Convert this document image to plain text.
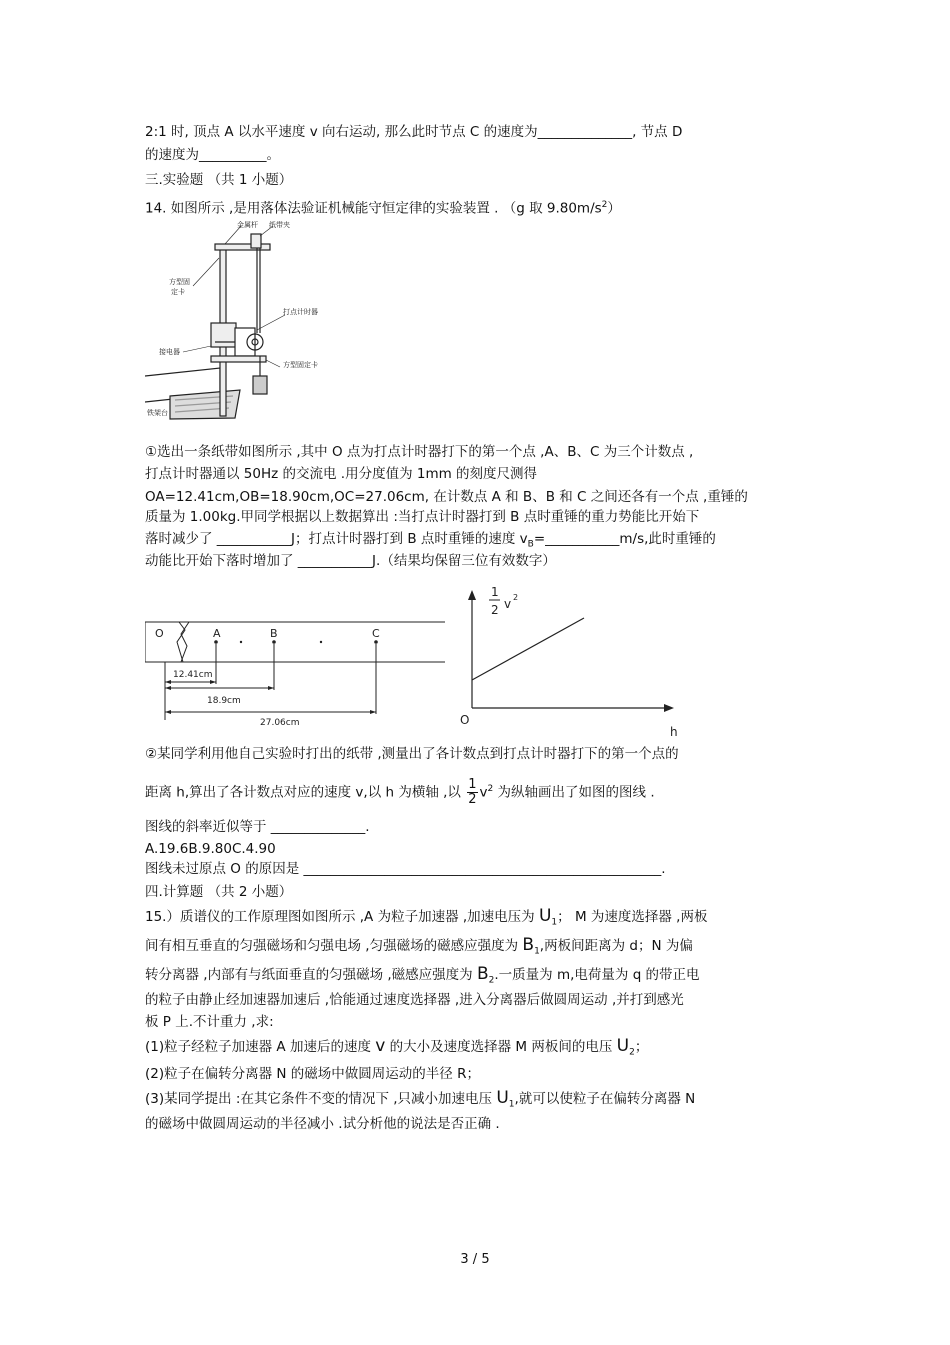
2:1 时, 顶点 A 以水平速度 v 向右运动, 那么此时节点 C 的速度为______________, 节点 D
的速度为__________。
三.实验题 （共 1 小题）
14. 如图所示 ,是用落体法验证机械能守恒定律的实验装置 . （g 取 $9.80m/s^2$）
金属杆 纸带夹
方型固
定卡
打点计时器
接电器
方型固定卡
铁架台
①选出一条纸带如图所示 ,其中 O 点为打点计时器打下的第一个点 ,A、B、C 为三个计数点 ,
打点计时器通以 50Hz 的交流电 .用分度值为 1mm 的刻度尺测得
OA=12.41cm,OB=18.90cm,OC=27.06cm, 在计数点 A 和 B、B 和 C 之间还各有一个点 ,重锤的
质量为 1.00kg.甲同学根据以上数据算出 :当打点计时器打到 B 点时重锤的重力势能比开始下
落时减少了 ___________J；打点计时器打到 B 点时重锤的速度 $v_B=\_\_\_\_\_\_\_\_\_\_\_m/s$,此时重锤的
动能比开始下落时增加了 ___________J.（结果均保留三位有效数字）
O	A	B	C
12.41cm
18.9cm
27.06cm
1
2 v 2
h
O
②某同学利用他自己实验时打出的纸带 ,测量出了各计数点到打点计时器打下的第一个点的
距离 h,算出了各计数点对应的速度 v,以 h 为横轴 ,以 $\frac{1}{2} v^2$ 为纵轴画出了如图的图线 .
图线的斜率近似等于 ______________.
A.19.6B.9.80C.4.90
图线未过原点 O 的原因是 _____________________________________________________.
四.计算题 （共 2 小题）
15.）质谱仪的工作原理图如图所示 ,A 为粒子加速器 ,加速电压为 $U_1$； M 为速度选择器 ,两板
间有相互垂直的匀强磁场和匀强电场 ,匀强磁场的磁感应强度为 $B_1$,两板间距离为 d；N 为偏
转分离器 ,内部有与纸面垂直的匀强磁场 ,磁感应强度为 $B_2$.一质量为 m,电荷量为 q 的带正电
的粒子由静止经加速器加速后 ,恰能通过速度选择器 ,进入分离器后做圆周运动 ,并打到感光
板 P 上.不计重力 ,求:
(1)粒子经粒子加速器 A 加速后的速度 v 的大小及速度选择器 M 两板间的电压 $U_2$；
(2)粒子在偏转分离器 N 的磁场中做圆周运动的半径 R；
(3)某同学提出 :在其它条件不变的情况下 ,只减小加速电压 $U_1$,就可以使粒子在偏转分离器 N
的磁场中做圆周运动的半径减小 .试分析他的说法是否正确 .
3 / 5
